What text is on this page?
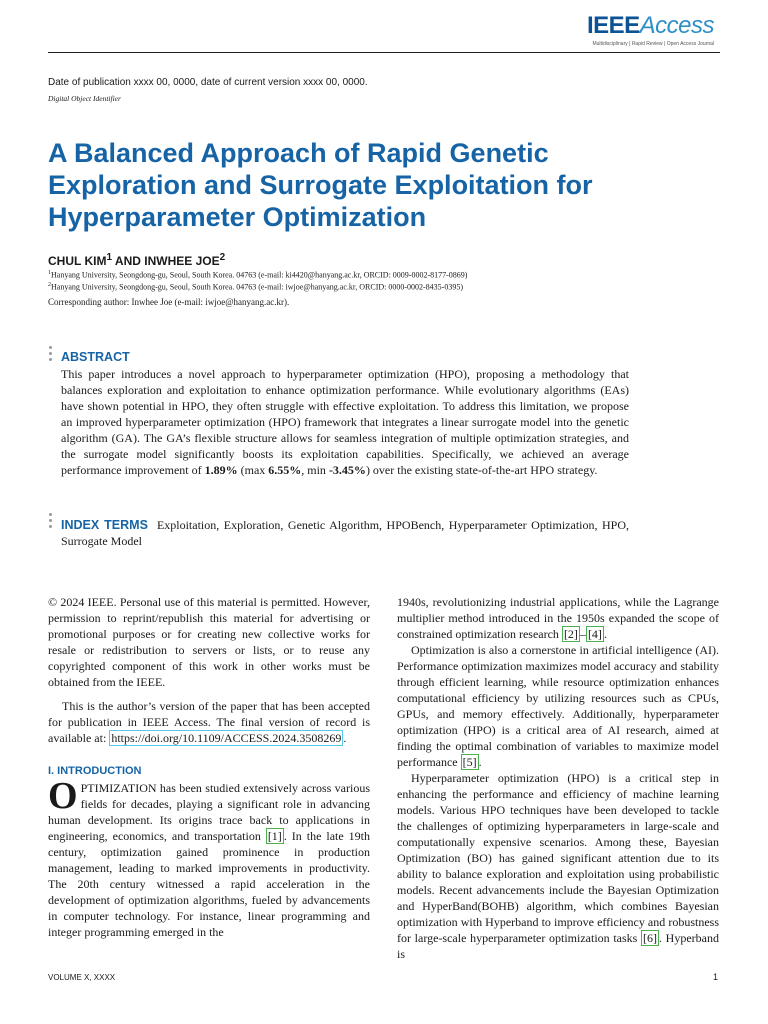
IEEEAccess
Multidisciplinary | Rapid Review | Open Access Journal
Date of publication xxxx 00, 0000, date of current version xxxx 00, 0000.
Digital Object Identifier
A Balanced Approach of Rapid Genetic Exploration and Surrogate Exploitation for Hyperparameter Optimization
CHUL KIM$^1$ AND INWHEE JOE$^2$
$^1$Hanyang University, Seongdong-gu, Seoul, South Korea. 04763 (e-mail: ki4420@hanyang.ac.kr, ORCID: 0009-0002-8177-0869)
$^2$Hanyang University, Seongdong-gu, Seoul, South Korea. 04763 (e-mail: iwjoe@hanyang.ac.kr, ORCID: 0000-0002-8435-0395)
Corresponding author: Inwhee Joe (e-mail: iwjoe@hanyang.ac.kr).
ABSTRACT
This paper introduces a novel approach to hyperparameter optimization (HPO), proposing a methodology that balances exploration and exploitation to enhance optimization performance. While evolutionary algorithms (EAs) have shown potential in HPO, they often struggle with effective exploitation. To address this limitation, we propose an improved hyperparameter optimization (HPO) framework that integrates a linear surrogate model into the genetic algorithm (GA). The GA’s flexible structure allows for seamless integration of multiple optimization strategies, and the surrogate model significantly boosts its exploitation capabilities. Specifically, we achieved an average performance improvement of 1.89% (max 6.55%, min -3.45%) over the existing state-of-the-art HPO strategy.
INDEX TERMS Exploitation, Exploration, Genetic Algorithm, HPOBench, Hyperparameter Optimization, HPO, Surrogate Model

© 2024 IEEE. Personal use of this material is permitted. However, permission to reprint/republish this material for advertising or promotional purposes or for creating new collective works for resale or redistribution to servers or lists, or to reuse any copyrighted component of this work in other works must be obtained from the IEEE.

This is the author’s version of the paper that has been accepted for publication in IEEE Access. The final version of record is available at: https://doi.org/10.1109/ACCESS.2024.3508269 .

I. INTRODUCTION

OPTIMIZATION has been studied extensively across various fields for decades, playing a significant role in advancing human development. Its origins trace back to applications in engineering, economics, and transportation [1] . In the late 19th century, optimization gained prominence in production management, leading to marked improvements in productivity. The 20th century witnessed a rapid acceleration in the development of optimization algorithms, fueled by advancements in computer technology. For instance, linear programming and integer programming emerged in the

1940s, revolutionizing industrial applications, while the Lagrange multiplier method introduced in the 1950s expanded the scope of constrained optimization research [2] – [4] .

Optimization is also a cornerstone in artificial intelligence (AI). Performance optimization maximizes model accuracy and stability through efficient learning, while resource optimization enhances computational efficiency by utilizing resources such as CPUs, GPUs, and memory effectively. Additionally, hyperparameter optimization (HPO) is a critical area of AI research, aimed at finding the optimal combination of variables to maximize model performance [5] .

Hyperparameter optimization (HPO) is a critical step in enhancing the performance and efficiency of machine learning models. Various HPO techniques have been developed to tackle the challenges of optimizing hyperparameters in large-scale and computationally expensive scenarios. Among these, Bayesian Optimization (BO) has gained significant attention due to its ability to balance exploration and exploitation using probabilistic models. Recent advancements include the Bayesian Optimization and HyperBand(BOHB) algorithm, which combines Bayesian optimization with Hyperband to improve efficiency and robustness for large-scale hyperparameter optimization tasks [6] . Hyperband is

VOLUME X, XXXX	1
